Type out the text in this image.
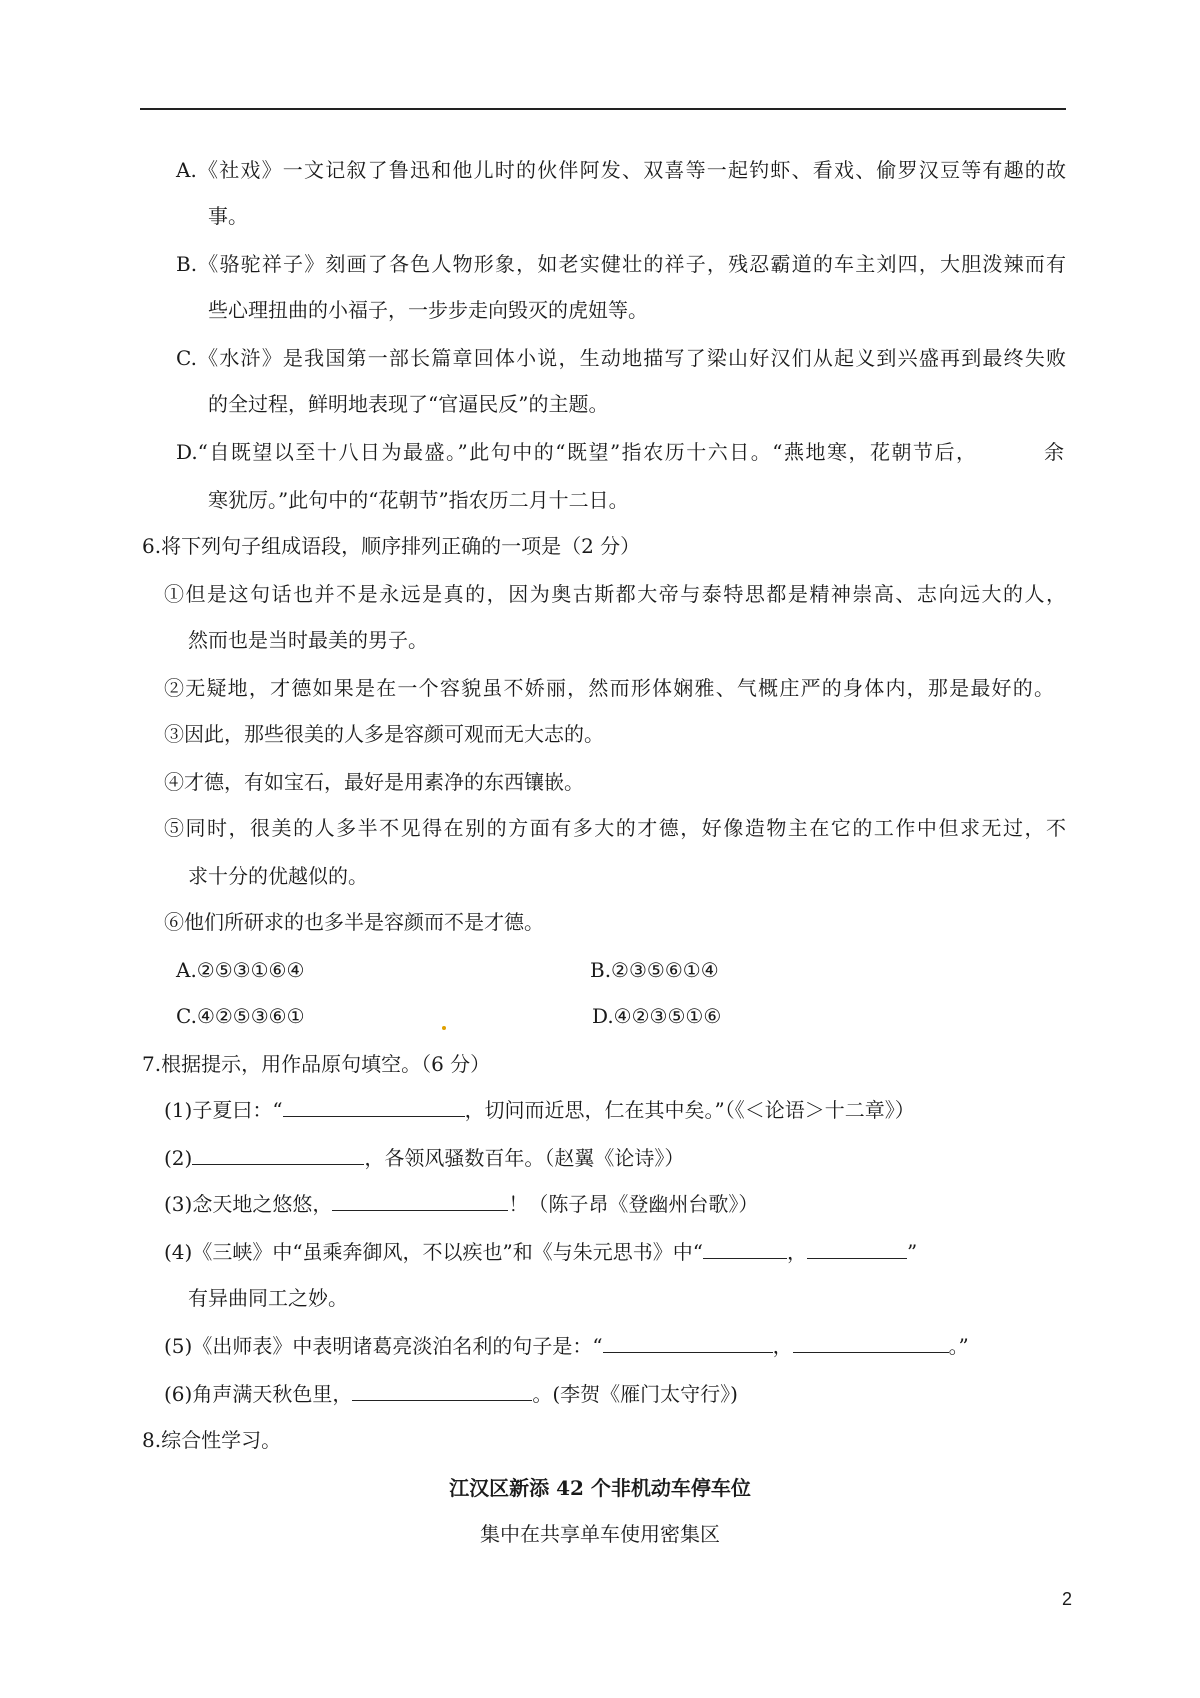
A.《社戏》一文记叙了鲁迅和他儿时的伙伴阿发、双喜等一起钓虾、看戏、偷罗汉豆等有趣的故
事。
B.《骆驼祥子》刻画了各色人物形象，如老实健壮的祥子，残忍霸道的车主刘四，大胆泼辣而有
些心理扭曲的小福子，一步步走向毁灭的虎妞等。
C.《水浒》是我国第一部长篇章回体小说，生动地描写了梁山好汉们从起义到兴盛再到最终失败
的全过程，鲜明地表现了“官逼民反”的主题。
D.“自既望以至十八日为最盛。”此句中的“既望”指农历十六日。“燕地寒，花朝节后，	余
寒犹厉。”此句中的“花朝节”指农历二月十二日。
6.将下列句子组成语段，顺序排列正确的一项是（2 分）
①但是这句话也并不是永远是真的，因为奥古斯都大帝与泰特思都是精神崇高、志向远大的人，
然而也是当时最美的男子。
②无疑地，才德如果是在一个容貌虽不娇丽，然而形体娴雅、气概庄严的身体内，那是最好的。
③因此，那些很美的人多是容颜可观而无大志的。
④才德，有如宝石，最好是用素净的东西镶嵌。
⑤同时，很美的人多半不见得在别的方面有多大的才德，好像造物主在它的工作中但求无过，不
求十分的优越似的。
⑥他们所研求的也多半是容颜而不是才德。
A.②⑤③①⑥④	B.②③⑤⑥①④
C.④②⑤③⑥①	D.④②③⑤①⑥
7.根据提示，用作品原句填空。（6 分）
(1)子夏曰：“	，切问而近思，仁在其中矣。”（《＜论语＞十二章》）
(2)	，各领风骚数百年。（赵翼《论诗》）
(3)念天地之悠悠，	！（陈子昂《登幽州台歌》）
(4)《三峡》中“虽乘奔御风，不以疾也”和《与朱元思书》中“	，	”
有异曲同工之妙。
(5)《出师表》中表明诸葛亮淡泊名利的句子是：“	，	。”
(6)角声满天秋色里，	。(李贺《雁门太守行》)
8.综合性学习。
江汉区新添 42 个非机动车停车位
集中在共享单车使用密集区
2
